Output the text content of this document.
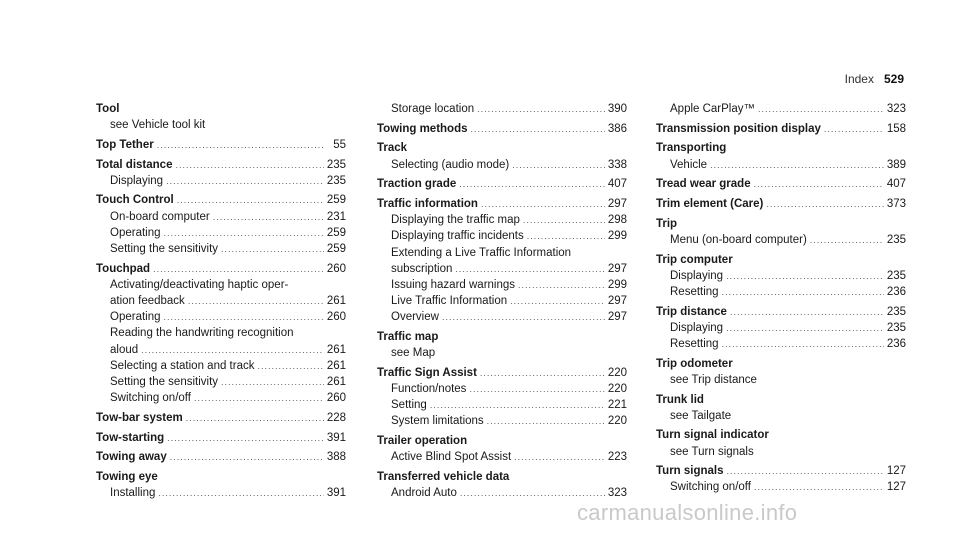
Index 529
Tool
see Vehicle tool kit
Top Tether .....	55
Total distance .....	235
Displaying .....	235
Touch Control .....	259
On-board computer .....	231
Operating .....	259
Setting the sensitivity .....	259
Touchpad .....	260
Activating/deactivating haptic oper-
ation feedback .....	261
Operating .....	260
Reading the handwriting recognition
aloud .....	261
Selecting a station and track .....	261
Setting the sensitivity .....	261
Switching on/off .....	260
Tow-bar system .....	228
Tow-starting .....	391
Towing away .....	388
Towing eye
Installing .....	391
Storage location .....	390
Towing methods .....	386
Track
Selecting (audio mode) .....	338
Traction grade .....	407
Traffic information .....	297
Displaying the traffic map .....	298
Displaying traffic incidents .....	299
Extending a Live Traffic Information
subscription .....	297
Issuing hazard warnings .....	299
Live Traffic Information .....	297
Overview .....	297
Traffic map
see Map
Traffic Sign Assist .....	220
Function/notes .....	220
Setting .....	221
System limitations .....	220
Trailer operation
Active Blind Spot Assist .....	223
Transferred vehicle data
Android Auto .....	323
Apple CarPlay™ .....	323
Transmission position display .....	158
Transporting
Vehicle .....	389
Tread wear grade .....	407
Trim element (Care) .....	373
Trip
Menu (on-board computer) .....	235
Trip computer
Displaying .....	235
Resetting .....	236
Trip distance .....	235
Displaying .....	235
Resetting .....	236
Trip odometer
see Trip distance
Trunk lid
see Tailgate
Turn signal indicator
see Turn signals
Turn signals .....	127
Switching on/off .....	127
carmanualsonline.info
